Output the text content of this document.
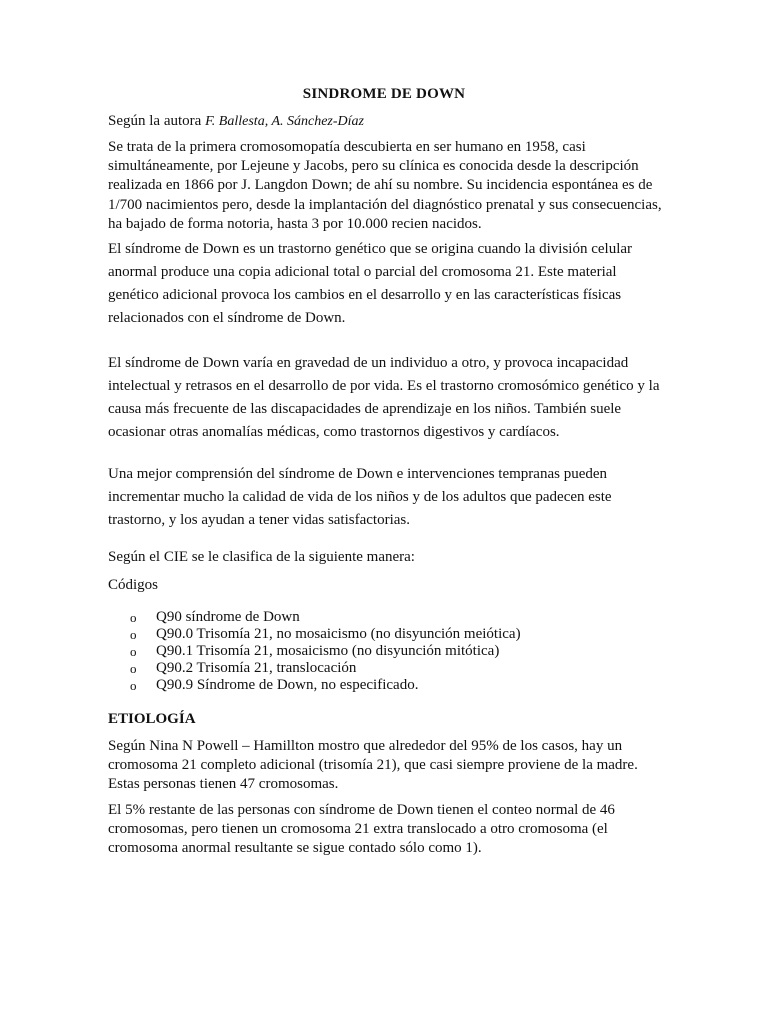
SINDROME DE DOWN
Según la autora F. Ballesta, A. Sánchez-Díaz
Se trata de la primera cromosomopatía descubierta en ser humano en 1958, casi simultáneamente, por Lejeune y Jacobs, pero su clínica es conocida desde la descripción realizada en 1866 por J. Langdon Down; de ahí su nombre. Su incidencia espontánea es de 1/700 nacimientos pero, desde la implantación del diagnóstico prenatal y sus consecuencias, ha bajado de forma notoria, hasta 3 por 10.000 recien nacidos.
El síndrome de Down es un trastorno genético que se origina cuando la división celular anormal produce una copia adicional total o parcial del cromosoma 21. Este material genético adicional provoca los cambios en el desarrollo y en las características físicas relacionados con el síndrome de Down.
El síndrome de Down varía en gravedad de un individuo a otro, y provoca incapacidad intelectual y retrasos en el desarrollo de por vida. Es el trastorno cromosómico genético y la causa más frecuente de las discapacidades de aprendizaje en los niños. También suele ocasionar otras anomalías médicas, como trastornos digestivos y cardíacos.
Una mejor comprensión del síndrome de Down e intervenciones tempranas pueden incrementar mucho la calidad de vida de los niños y de los adultos que padecen este trastorno, y los ayudan a tener vidas satisfactorias.
Según el CIE se le clasifica de la siguiente manera:
Códigos
o Q90 síndrome de Down
o Q90.0 Trisomía 21, no mosaicismo (no disyunción meiótica)
o Q90.1 Trisomía 21, mosaicismo (no disyunción mitótica)
o Q90.2 Trisomía 21, translocación
o Q90.9 Síndrome de Down, no especificado.
ETIOLOGÍA
Según Nina N Powell – Hamillton mostro que alrededor del 95% de los casos, hay un cromosoma 21 completo adicional (trisomía 21), que casi siempre proviene de la madre. Estas personas tienen 47 cromosomas.
El 5% restante de las personas con síndrome de Down tienen el conteo normal de 46 cromosomas, pero tienen un cromosoma 21 extra translocado a otro cromosoma (el cromosoma anormal resultante se sigue contado sólo como 1).
